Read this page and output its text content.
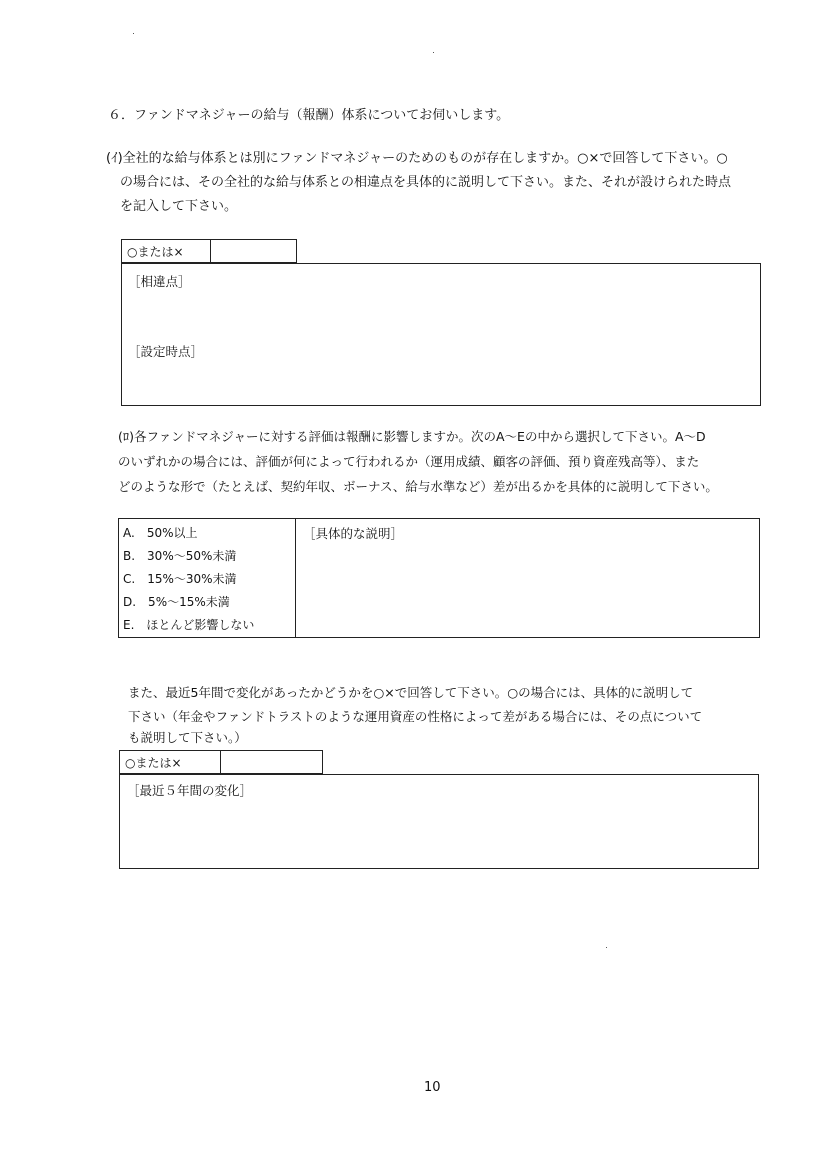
６．ファンドマネジャーの給与（報酬）体系についてお伺いします。
(ｲ)全社的な給与体系とは別にファンドマネジャーのためのものが存在しますか。○×で回答して下さい。○
の場合には、その全社的な給与体系との相違点を具体的に説明して下さい。また、それが設けられた時点
を記入して下さい。
○または×
［相違点］
［設定時点］
(ﾛ)各ファンドマネジャーに対する評価は報酬に影響しますか。次のA～Eの中から選択して下さい。A～D
のいずれかの場合には、評価が何によって行われるか（運用成績、顧客の評価、預り資産残高等）、また
どのような形で（たとえば、契約年収、ボーナス、給与水準など）差が出るかを具体的に説明して下さい。
A.　50%以上
B.　30%～50%未満
C.　15%～30%未満
D.　5%～15%未満
E.　ほとんど影響しない
［具体的な説明］
また、最近5年間で変化があったかどうかを○×で回答して下さい。○の場合には、具体的に説明して
下さい（年金やファンドトラストのような運用資産の性格によって差がある場合には、その点について
も説明して下さい。）
○または×
［最近５年間の変化］
10
